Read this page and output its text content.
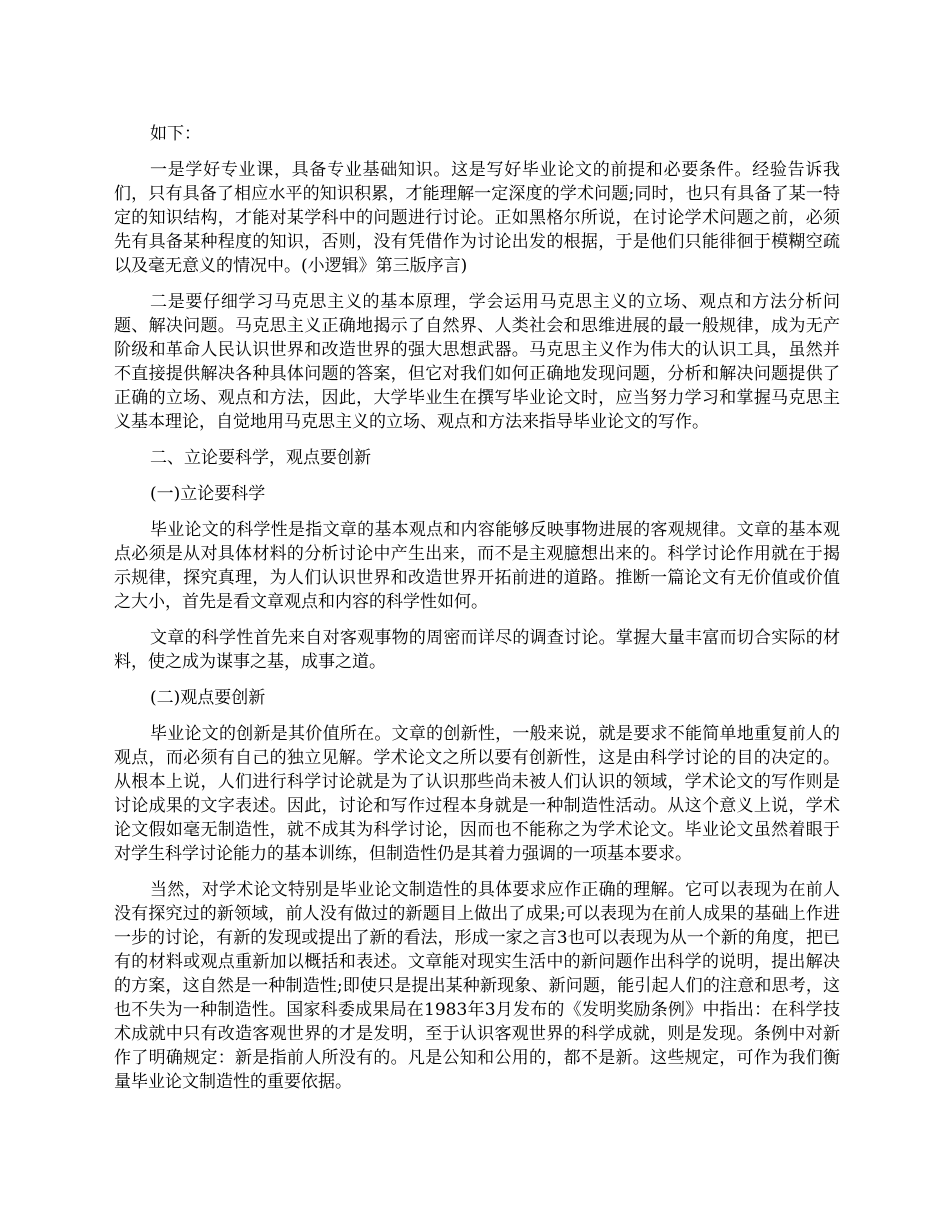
如下：

一是学好专业课，具备专业基础知识。这是写好毕业论文的前提和必要条件。经验告诉我们，只有具备了相应水平的知识积累，才能理解一定深度的学术问题;同时，也只有具备了某一特定的知识结构，才能对某学科中的问题进行讨论。正如黑格尔所说，在讨论学术问题之前，必须先有具备某种程度的知识，否则，没有凭借作为讨论出发的根据，于是他们只能徘徊于模糊空疏以及毫无意义的情况中。(小逻辑》第三版序言)

二是要仔细学习马克思主义的基本原理，学会运用马克思主义的立场、观点和方法分析问题、解决问题。马克思主义正确地揭示了自然界、人类社会和思维进展的最一般规律，成为无产阶级和革命人民认识世界和改造世界的强大思想武器。马克思主义作为伟大的认识工具，虽然并不直接提供解决各种具体问题的答案，但它对我们如何正确地发现问题，分析和解决问题提供了正确的立场、观点和方法，因此，大学毕业生在撰写毕业论文时，应当努力学习和掌握马克思主义基本理论，自觉地用马克思主义的立场、观点和方法来指导毕业论文的写作。

二、立论要科学，观点要创新

(一)立论要科学

毕业论文的科学性是指文章的基本观点和内容能够反映事物进展的客观规律。文章的基本观点必须是从对具体材料的分析讨论中产生出来，而不是主观臆想出来的。科学讨论作用就在于揭示规律，探究真理，为人们认识世界和改造世界开拓前进的道路。推断一篇论文有无价值或价值之大小，首先是看文章观点和内容的科学性如何。

文章的科学性首先来自对客观事物的周密而详尽的调查讨论。掌握大量丰富而切合实际的材料，使之成为谋事之基，成事之道。

(二)观点要创新

毕业论文的创新是其价值所在。文章的创新性，一般来说，就是要求不能简单地重复前人的观点，而必须有自己的独立见解。学术论文之所以要有创新性，这是由科学讨论的目的决定的。从根本上说，人们进行科学讨论就是为了认识那些尚未被人们认识的领域，学术论文的写作则是讨论成果的文字表述。因此，讨论和写作过程本身就是一种制造性活动。从这个意义上说，学术论文假如毫无制造性，就不成其为科学讨论，因而也不能称之为学术论文。毕业论文虽然着眼于对学生科学讨论能力的基本训练，但制造性仍是其着力强调的一项基本要求。

当然，对学术论文特别是毕业论文制造性的具体要求应作正确的理解。它可以表现为在前人没有探究过的新领域，前人没有做过的新题目上做出了成果;可以表现为在前人成果的基础上作进一步的讨论，有新的发现或提出了新的看法，形成一家之言3也可以表现为从一个新的角度，把已有的材料或观点重新加以概括和表述。文章能对现实生活中的新问题作出科学的说明，提出解决的方案，这自然是一种制造性;即使只是提出某种新现象、新问题，能引起人们的注意和思考，这也不失为一种制造性。国家科委成果局在1983年3月发布的《发明奖励条例》中指出：在科学技术成就中只有改造客观世界的才是发明，至于认识客观世界的科学成就，则是发现。条例中对新作了明确规定：新是指前人所没有的。凡是公知和公用的，都不是新。这些规定，可作为我们衡量毕业论文制造性的重要依据。
